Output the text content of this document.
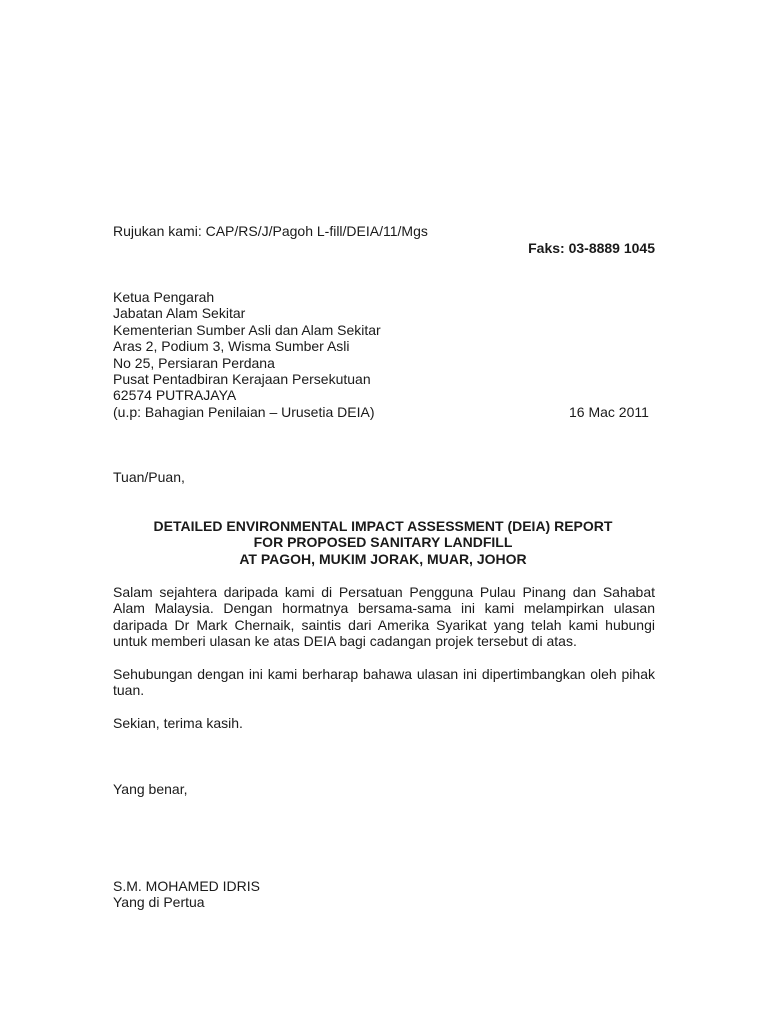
Rujukan kami: CAP/RS/J/Pagoh L-fill/DEIA/11/Mgs
Faks: 03-8889 1045
Ketua Pengarah
Jabatan Alam Sekitar
Kementerian Sumber Asli dan Alam Sekitar
Aras 2, Podium 3, Wisma Sumber Asli
No 25, Persiaran Perdana
Pusat Pentadbiran Kerajaan Persekutuan
62574 PUTRAJAYA
(u.p: Bahagian Penilaian – Urusetia DEIA)	16 Mac 2011
Tuan/Puan,
DETAILED ENVIRONMENTAL IMPACT ASSESSMENT (DEIA) REPORT
FOR PROPOSED SANITARY LANDFILL
AT PAGOH, MUKIM JORAK, MUAR, JOHOR
Salam sejahtera daripada kami di Persatuan Pengguna Pulau Pinang dan Sahabat Alam Malaysia. Dengan hormatnya bersama-sama ini kami melampirkan ulasan daripada Dr Mark Chernaik, saintis dari Amerika Syarikat yang telah kami hubungi untuk memberi ulasan ke atas DEIA bagi cadangan projek tersebut di atas.
Sehubungan dengan ini kami berharap bahawa ulasan ini dipertimbangkan oleh pihak tuan.
Sekian, terima kasih.
Yang benar,
S.M. MOHAMED IDRIS
Yang di Pertua
